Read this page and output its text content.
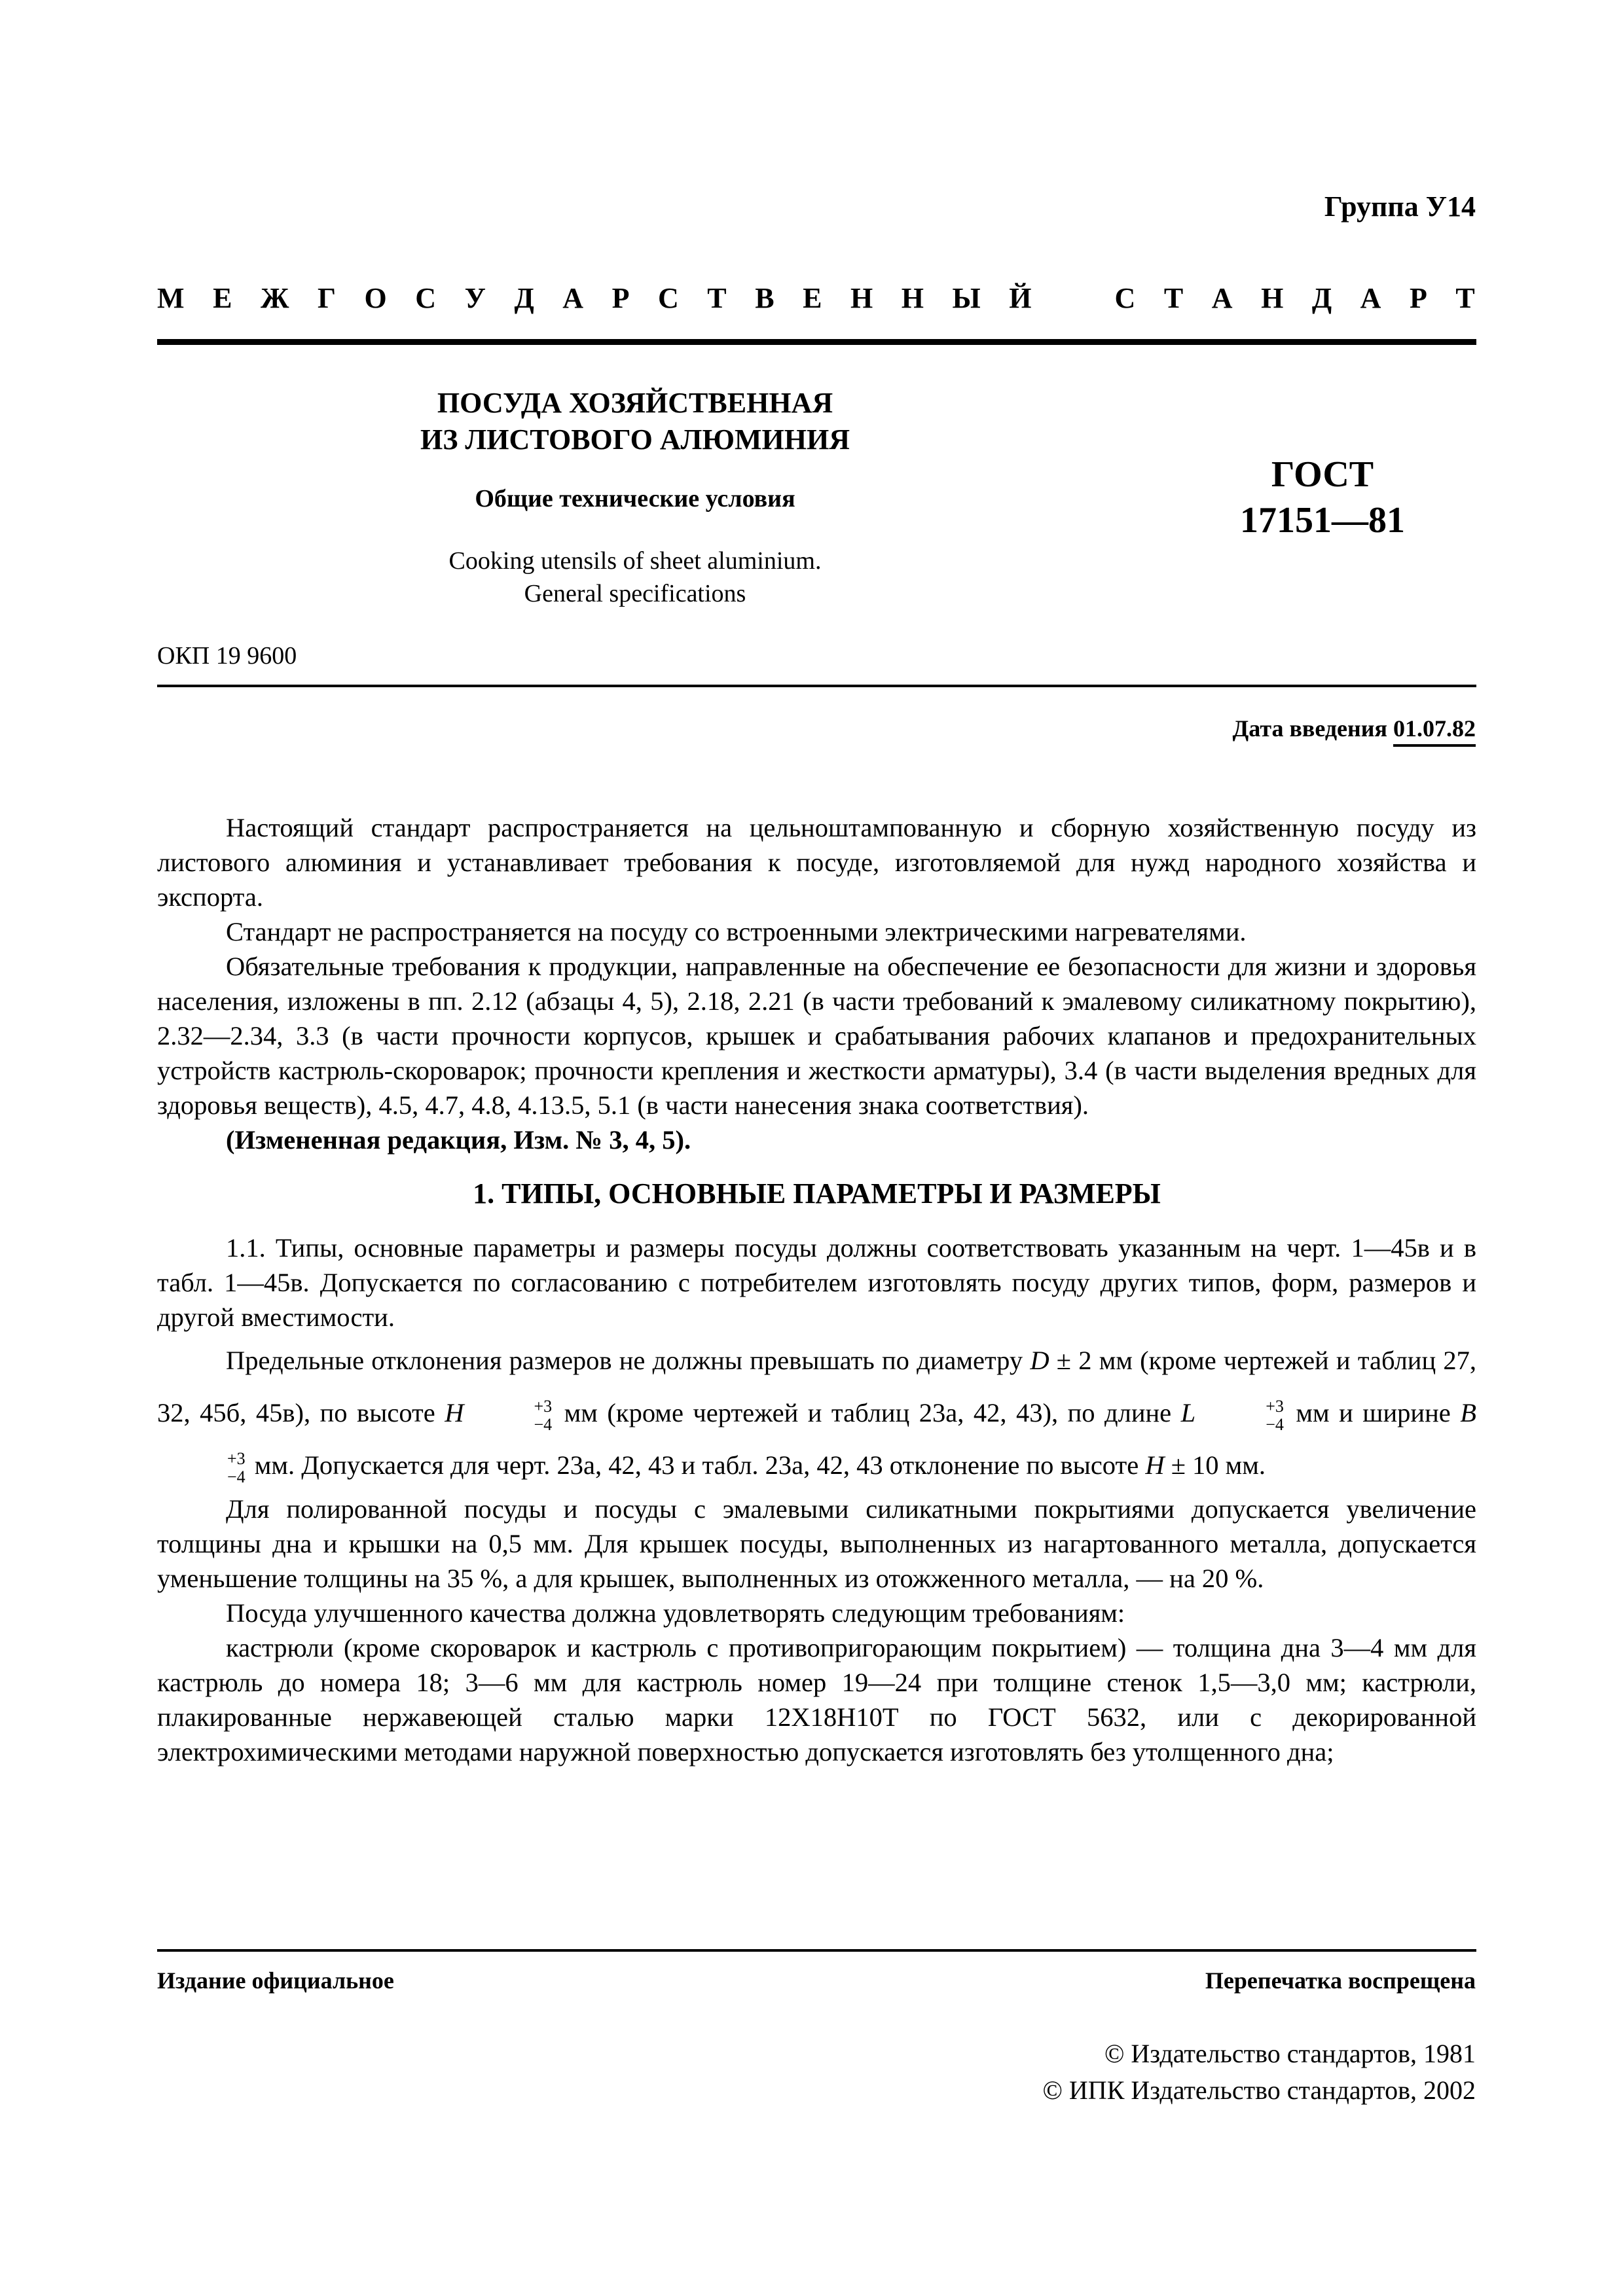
Группа У14
М Е Ж Г О С У Д А Р С Т В Е Н Н Ы Й	С Т А Н Д А Р Т
ПОСУДА ХОЗЯЙСТВЕННАЯ
ИЗ ЛИСТОВОГО АЛЮМИНИЯ
Общие технические условия
Cooking utensils of sheet aluminium.
General specifications
ГОСТ
17151—81
ОКП 19 9600
Дата введения 01.07.82

Настоящий стандарт распространяется на цельноштампованную и сборную хозяйственную посуду из листового алюминия и устанавливает требования к посуде, изготовляемой для нужд народного хозяйства и экспорта.

Стандарт не распространяется на посуду со встроенными электрическими нагревателями.

Обязательные требования к продукции, направленные на обеспечение ее безопасности для жизни и здоровья населения, изложены в пп. 2.12 (абзацы 4, 5), 2.18, 2.21 (в части требований к эмалевому силикатному покрытию), 2.32—2.34, 3.3 (в части прочности корпусов, крышек и срабатывания рабочих клапанов и предохранительных устройств кастрюль-скороварок; прочности крепления и жесткости арматуры), 3.4 (в части выделения вредных для здоровья веществ), 4.5, 4.7, 4.8, 4.13.5, 5.1 (в части нанесения знака соответствия).

(Измененная редакция, Изм. № 3, 4, 5).

1. ТИПЫ, ОСНОВНЫЕ ПАРАМЕТРЫ И РАЗМЕРЫ

1.1. Типы, основные параметры и размеры посуды должны соответствовать указанным на черт. 1—45в и в табл. 1—45в. Допускается по согласованию с потребителем изготовлять посуду других типов, форм, размеров и другой вместимости.

Предельные отклонения размеров не должны превышать по диаметру D ± 2 мм (кроме чертежей и таблиц 27, 32, 45б, 45в), по высоте H	+3
−4 мм (кроме чертежей и таблиц 23а, 42, 43), по длине L	+3
−4 мм и ширине B
+3
−4 мм. Допускается для черт. 23а, 42, 43 и табл. 23а, 42, 43 отклонение по высоте H ± 10 мм.

Для полированной посуды и посуды с эмалевыми силикатными покрытиями допускается увеличение толщины дна и крышки на 0,5 мм. Для крышек посуды, выполненных из нагартованного металла, допускается уменьшение толщины на 35 %, а для крышек, выполненных из отожженного металла, — на 20 %.

Посуда улучшенного качества должна удовлетворять следующим требованиям:

кастрюли (кроме скороварок и кастрюль с противопригорающим покрытием) — толщина дна 3—4 мм для кастрюль до номера 18; 3—6 мм для кастрюль номер 19—24 при толщине стенок 1,5—3,0 мм; кастрюли, плакированные нержавеющей сталью марки 12Х18Н10Т по ГОСТ 5632, или с декорированной электрохимическими методами наружной поверхностью допускается изготовлять без утолщенного дна;

Издание официальное	Перепечатка воспрещена
© Издательство стандартов, 1981
© ИПК Издательство стандартов, 2002
